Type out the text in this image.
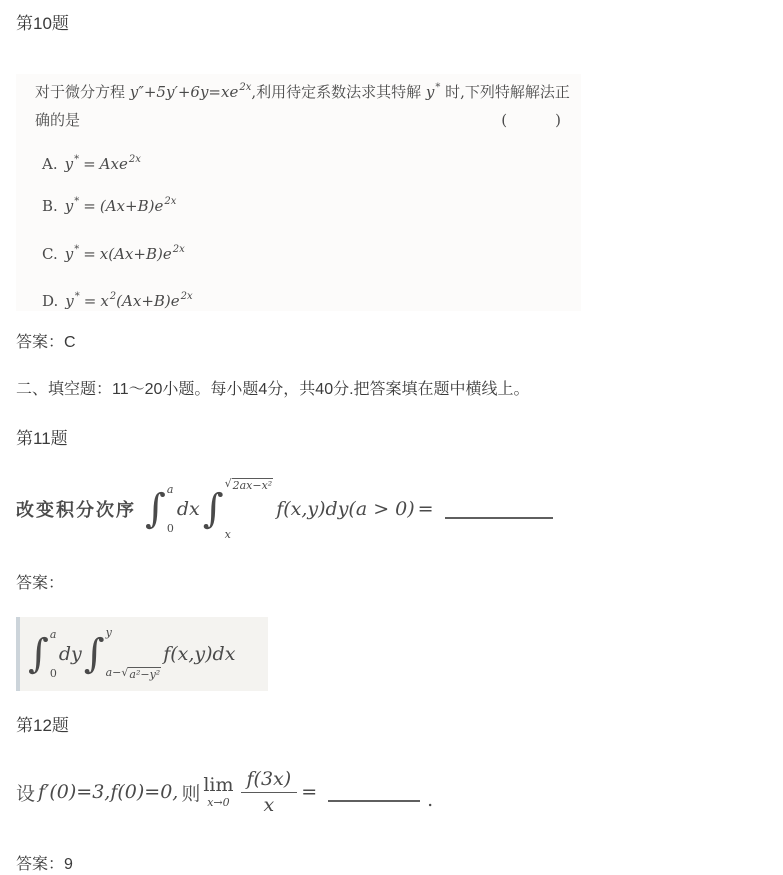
第10题
对于微分方程 y″+5y′+6y=xe2x,利用待定系数法求其特解 y* 时,下列特解解法正
确的是	(　　)
A. y* = Axe2x
B. y* = (Ax+B)e2x
C. y* = x(Ax+B)e2x
D. y* = x2(Ax+B)e2x
答案：C
二、填空题：11～20小题。每小题4分，共40分.把答案填在题中横线上。
第11题
改变积分次序 ∫ a
0
dx ∫
√ 2ax−x²
x
f(x,y)dy(a > 0) =
答案：
∫ a
0
dy ∫ y
a− √ a²−y²
f(x,y)dx
第12题
设 f′(0)=3,f(0)=0, 则 lim
$x\to 0 \frac{f(3x)}{x}$ =	.
答案：9
